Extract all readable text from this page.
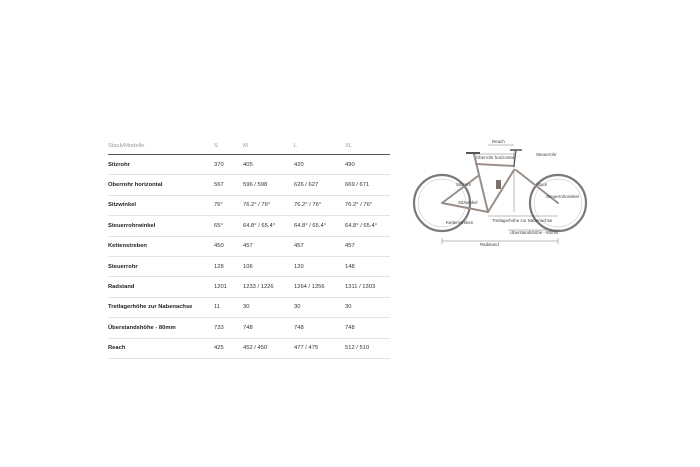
Stack/Modelle	S	M	L	XL
Sitzrohr	370	405	420	490
Oberrohr horizontal	567	596 / 598	626 / 627	669 / 671
Sitzwinkel	76°	76.2° / 76°	76.2° / 76°	76.2° / 76°
Steuerrohrwinkel	65°	64.8° / 65.4°	64.8° / 65.4°	64.8° / 65.4°
Kettenstreben	450	457	457	457
Steuerrohr	128	106	120	148
Radstand	1201	1233 / 1226	1264 / 1256	1311 / 1303
Tretlagerhöhe zur Nabenachse	11	30	30	30
Überstandshöhe - 80mm	733	748	748	748
Reach	425	452 / 450	477 / 475	512 / 510
Reach
Oberrohr horizontal
Steuerrohr
Sitzrohr	Stack
Sitzwinkel
Steuerrohrwinkel
Kettenstreben	Tretlagerhöhe zur Nabenachse
Überstandshöhe - 80mm
Radstand
